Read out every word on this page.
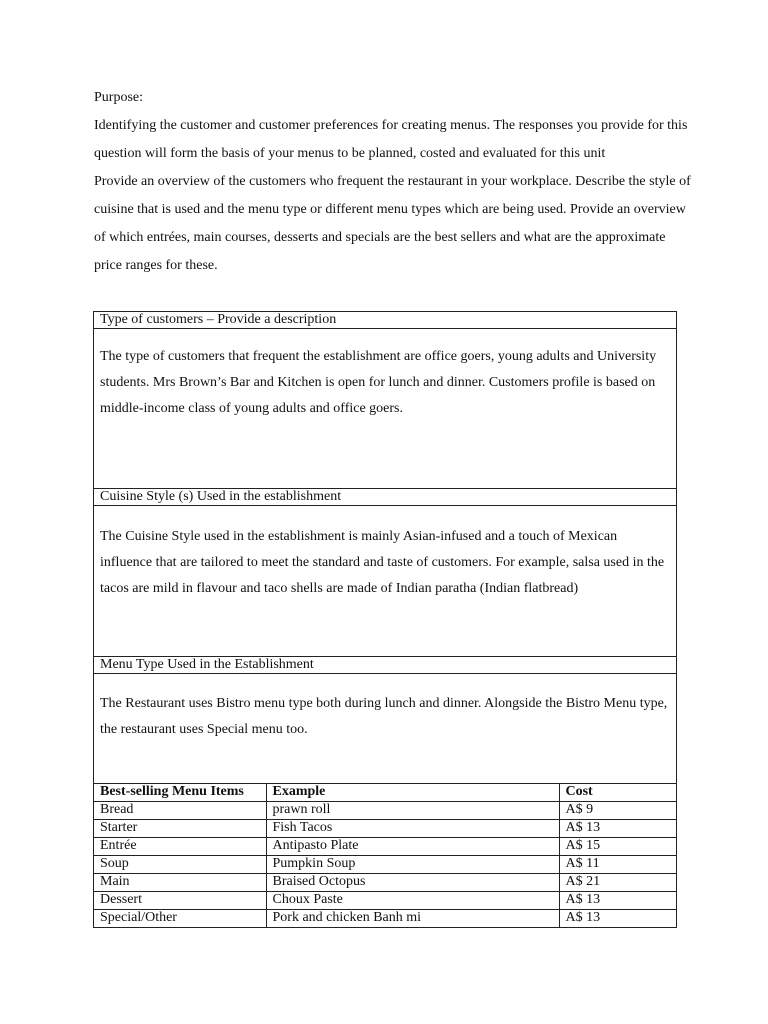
Purpose:

Identifying the customer and customer preferences for creating menus. The responses you provide for this question will form the basis of your menus to be planned, costed and evaluated for this unit

Provide an overview of the customers who frequent the restaurant in your workplace. Describe the style of cuisine that is used and the menu type or different menu types which are being used. Provide an overview of which entrées, main courses, desserts and specials are the best sellers and what are the approximate price ranges for these.

Type of customers – Provide a description

The type of customers that frequent the establishment are office goers, young adults and University students. Mrs Brown’s Bar and Kitchen is open for lunch and dinner. Customers profile is based on middle-income class of young adults and office goers.

Cuisine Style (s) Used in the establishment

The Cuisine Style used in the establishment is mainly Asian-infused and a touch of Mexican influence that are tailored to meet the standard and taste of customers. For example, salsa used in the tacos are mild in flavour and taco shells are made of Indian paratha (Indian flatbread)

Menu Type Used in the Establishment

The Restaurant uses Bistro menu type both during lunch and dinner. Alongside the Bistro Menu type, the restaurant uses Special menu too.

Best-selling Menu Items	Example	Cost
Bread	prawn roll	A$ 9
Starter	Fish Tacos	A$ 13
Entrée	Antipasto Plate	A$ 15
Soup	Pumpkin Soup	A$ 11
Main	Braised Octopus	A$ 21
Dessert	Choux Paste	A$ 13
Special/Other	Pork and chicken Banh mi	A$ 13
